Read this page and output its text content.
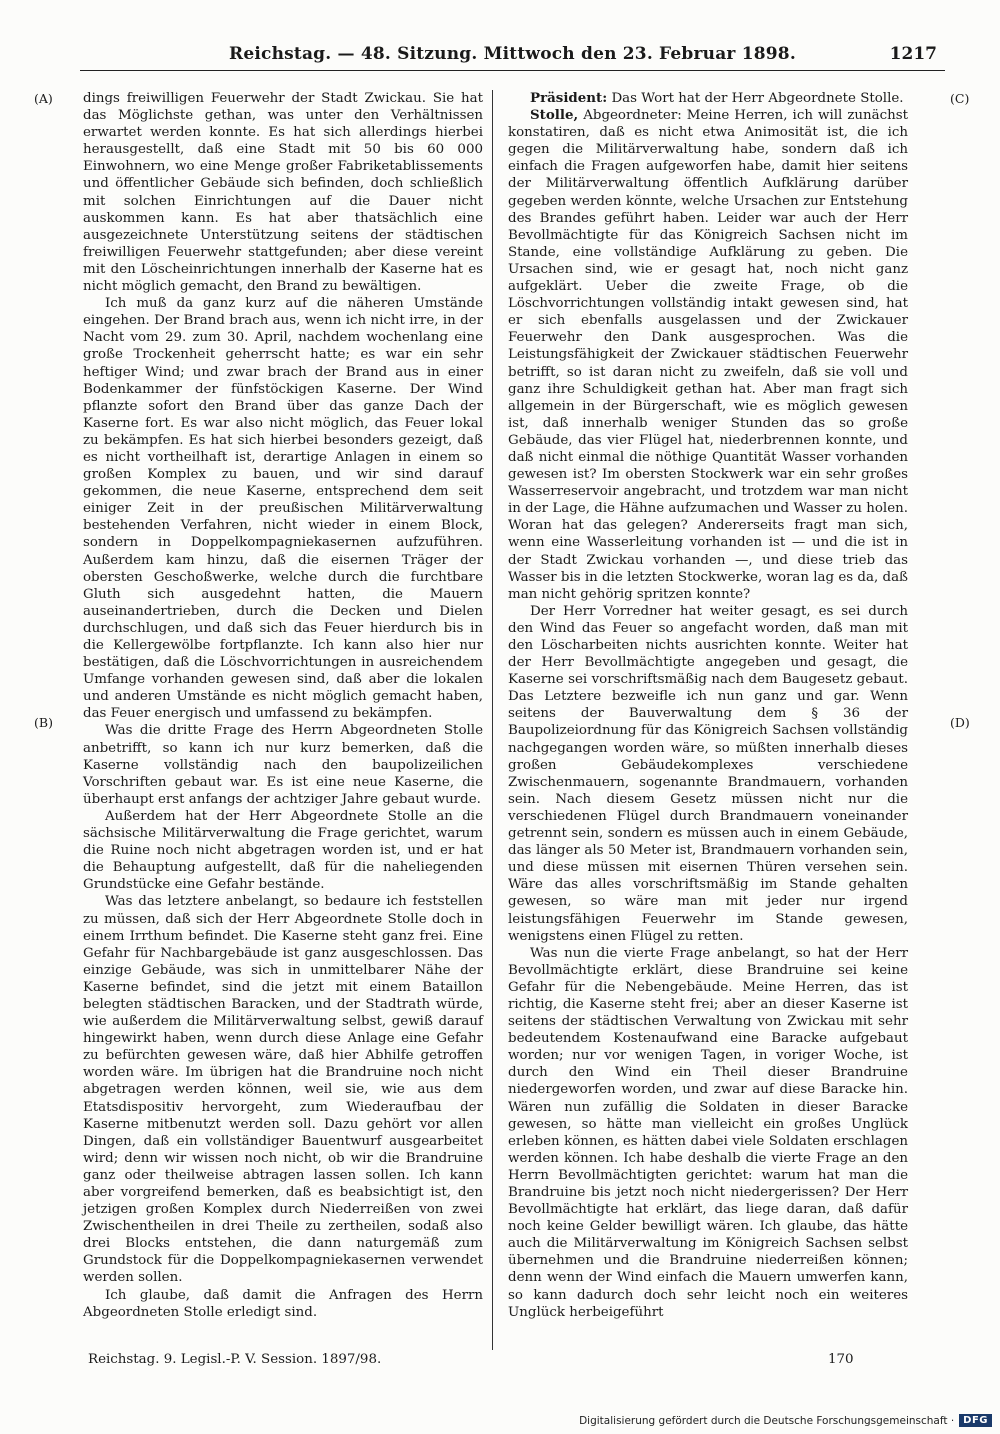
Reichstag. — 48. Sitzung. Mittwoch den 23. Februar 1898.	1217
(A)
(B)
(C)
(D)

dings freiwilligen Feuerwehr der Stadt Zwickau. Sie hat das Möglichste gethan, was unter den Verhältnissen erwartet werden konnte. Es hat sich allerdings hierbei herausgestellt, daß eine Stadt mit 50 bis 60 000 Einwohnern, wo eine Menge großer Fabriketablissements und öffentlicher Gebäude sich befinden, doch schließlich mit solchen Einrichtungen auf die Dauer nicht auskommen kann. Es hat aber thatsächlich eine ausgezeichnete Unterstützung seitens der städtischen freiwilligen Feuerwehr stattgefunden; aber diese vereint mit den Löscheinrichtungen innerhalb der Kaserne hat es nicht möglich gemacht, den Brand zu bewältigen.

Ich muß da ganz kurz auf die näheren Umstände eingehen. Der Brand brach aus, wenn ich nicht irre, in der Nacht vom 29. zum 30. April, nachdem wochenlang eine große Trockenheit geherrscht hatte; es war ein sehr heftiger Wind; und zwar brach der Brand aus in einer Bodenkammer der fünfstöckigen Kaserne. Der Wind pflanzte sofort den Brand über das ganze Dach der Kaserne fort. Es war also nicht möglich, das Feuer lokal zu bekämpfen. Es hat sich hierbei besonders gezeigt, daß es nicht vortheilhaft ist, derartige Anlagen in einem so großen Komplex zu bauen, und wir sind darauf gekommen, die neue Kaserne, entsprechend dem seit einiger Zeit in der preußischen Militärverwaltung bestehenden Verfahren, nicht wieder in einem Block, sondern in Doppelkompagniekasernen aufzuführen. Außerdem kam hinzu, daß die eisernen Träger der obersten Geschoßwerke, welche durch die furchtbare Gluth sich ausgedehnt hatten, die Mauern auseinandertrieben, durch die Decken und Dielen durchschlugen, und daß sich das Feuer hierdurch bis in die Kellergewölbe fortpflanzte. Ich kann also hier nur bestätigen, daß die Löschvorrichtungen in ausreichendem Umfange vorhanden gewesen sind, daß aber die lokalen und anderen Umstände es nicht möglich gemacht haben, das Feuer energisch und umfassend zu bekämpfen.

Was die dritte Frage des Herrn Abgeordneten Stolle anbetrifft, so kann ich nur kurz bemerken, daß die Kaserne vollständig nach den baupolizeilichen Vorschriften gebaut war. Es ist eine neue Kaserne, die überhaupt erst anfangs der achtziger Jahre gebaut wurde.

Außerdem hat der Herr Abgeordnete Stolle an die sächsische Militärverwaltung die Frage gerichtet, warum die Ruine noch nicht abgetragen worden ist, und er hat die Behauptung aufgestellt, daß für die naheliegenden Grundstücke eine Gefahr bestände.

Was das letztere anbelangt, so bedaure ich feststellen zu müssen, daß sich der Herr Abgeordnete Stolle doch in einem Irrthum befindet. Die Kaserne steht ganz frei. Eine Gefahr für Nachbargebäude ist ganz ausgeschlossen. Das einzige Gebäude, was sich in unmittelbarer Nähe der Kaserne befindet, sind die jetzt mit einem Bataillon belegten städtischen Baracken, und der Stadtrath würde, wie außerdem die Militärverwaltung selbst, gewiß darauf hingewirkt haben, wenn durch diese Anlage eine Gefahr zu befürchten gewesen wäre, daß hier Abhilfe getroffen worden wäre. Im übrigen hat die Brandruine noch nicht abgetragen werden können, weil sie, wie aus dem Etatsdispositiv hervorgeht, zum Wiederaufbau der Kaserne mitbenutzt werden soll. Dazu gehört vor allen Dingen, daß ein vollständiger Bauentwurf ausgearbeitet wird; denn wir wissen noch nicht, ob wir die Brandruine ganz oder theilweise abtragen lassen sollen. Ich kann aber vorgreifend bemerken, daß es beabsichtigt ist, den jetzigen großen Komplex durch Niederreißen von zwei Zwischentheilen in drei Theile zu zertheilen, sodaß also drei Blocks entstehen, die dann naturgemäß zum Grundstock für die Doppelkompagniekasernen verwendet werden sollen.

Ich glaube, daß damit die Anfragen des Herrn Abgeordneten Stolle erledigt sind.

Präsident: Das Wort hat der Herr Abgeordnete Stolle.

Stolle, Abgeordneter: Meine Herren, ich will zunächst konstatiren, daß es nicht etwa Animosität ist, die ich gegen die Militärverwaltung habe, sondern daß ich einfach die Fragen aufgeworfen habe, damit hier seitens der Militärverwaltung öffentlich Aufklärung darüber gegeben werden könnte, welche Ursachen zur Entstehung des Brandes geführt haben. Leider war auch der Herr Bevollmächtigte für das Königreich Sachsen nicht im Stande, eine vollständige Aufklärung zu geben. Die Ursachen sind, wie er gesagt hat, noch nicht ganz aufgeklärt. Ueber die zweite Frage, ob die Löschvorrichtungen vollständig intakt gewesen sind, hat er sich ebenfalls ausgelassen und der Zwickauer Feuerwehr den Dank ausgesprochen. Was die Leistungsfähigkeit der Zwickauer städtischen Feuerwehr betrifft, so ist daran nicht zu zweifeln, daß sie voll und ganz ihre Schuldigkeit gethan hat. Aber man fragt sich allgemein in der Bürgerschaft, wie es möglich gewesen ist, daß innerhalb weniger Stunden das so große Gebäude, das vier Flügel hat, niederbrennen konnte, und daß nicht einmal die nöthige Quantität Wasser vorhanden gewesen ist? Im obersten Stockwerk war ein sehr großes Wasserreservoir angebracht, und trotzdem war man nicht in der Lage, die Hähne aufzumachen und Wasser zu holen. Woran hat das gelegen? Andererseits fragt man sich, wenn eine Wasserleitung vorhanden ist — und die ist in der Stadt Zwickau vorhanden —, und diese trieb das Wasser bis in die letzten Stockwerke, woran lag es da, daß man nicht gehörig spritzen konnte?

Der Herr Vorredner hat weiter gesagt, es sei durch den Wind das Feuer so angefacht worden, daß man mit den Löscharbeiten nichts ausrichten konnte. Weiter hat der Herr Bevollmächtigte angegeben und gesagt, die Kaserne sei vorschriftsmäßig nach dem Baugesetz gebaut. Das Letztere bezweifle ich nun ganz und gar. Wenn seitens der Bauverwaltung dem § 36 der Baupolizeiordnung für das Königreich Sachsen vollständig nachgegangen worden wäre, so müßten innerhalb dieses großen Gebäudekomplexes verschiedene Zwischenmauern, sogenannte Brandmauern, vorhanden sein. Nach diesem Gesetz müssen nicht nur die verschiedenen Flügel durch Brandmauern voneinander getrennt sein, sondern es müssen auch in einem Gebäude, das länger als 50 Meter ist, Brandmauern vorhanden sein, und diese müssen mit eisernen Thüren versehen sein. Wäre das alles vorschriftsmäßig im Stande gehalten gewesen, so wäre man mit jeder nur irgend leistungsfähigen Feuerwehr im Stande gewesen, wenigstens einen Flügel zu retten.

Was nun die vierte Frage anbelangt, so hat der Herr Bevollmächtigte erklärt, diese Brandruine sei keine Gefahr für die Nebengebäude. Meine Herren, das ist richtig, die Kaserne steht frei; aber an dieser Kaserne ist seitens der städtischen Verwaltung von Zwickau mit sehr bedeutendem Kostenaufwand eine Baracke aufgebaut worden; nur vor wenigen Tagen, in voriger Woche, ist durch den Wind ein Theil dieser Brandruine niedergeworfen worden, und zwar auf diese Baracke hin. Wären nun zufällig die Soldaten in dieser Baracke gewesen, so hätte man vielleicht ein großes Unglück erleben können, es hätten dabei viele Soldaten erschlagen werden können. Ich habe deshalb die vierte Frage an den Herrn Bevollmächtigten gerichtet: warum hat man die Brandruine bis jetzt noch nicht niedergerissen? Der Herr Bevollmächtigte hat erklärt, das liege daran, daß dafür noch keine Gelder bewilligt wären. Ich glaube, das hätte auch die Militärverwaltung im Königreich Sachsen selbst übernehmen und die Brandruine niederreißen können; denn wenn der Wind einfach die Mauern umwerfen kann, so kann dadurch doch sehr leicht noch ein weiteres Unglück herbeigeführt

Reichstag. 9. Legisl.-P. V. Session. 1897/98.	170
Digitalisierung gefördert durch die Deutsche Forschungsgemeinschaft · DFG
